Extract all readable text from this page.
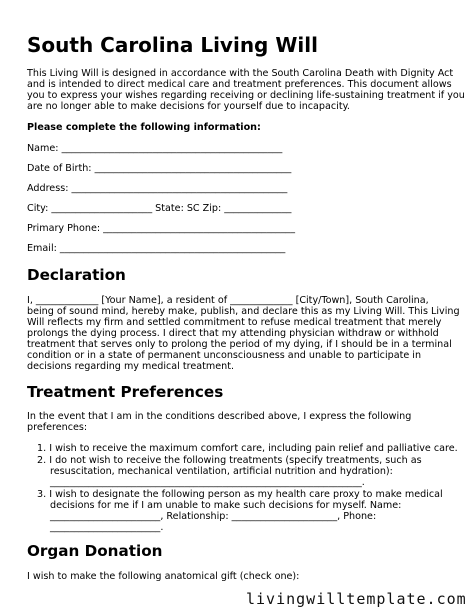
South Carolina Living Will

This Living Will is designed in accordance with the South Carolina Death with Dignity Act

and is intended to direct medical care and treatment preferences. This document allows

you to express your wishes regarding receiving or declining life-sustaining treatment if you

are no longer able to make decisions for yourself due to incapacity.

Please complete the following information:

Name: ______________________________________________

Date of Birth: _________________________________________

Address: _____________________________________________

City: _____________________ State: SC Zip: ______________

Primary Phone: ________________________________________

Email: _______________________________________________

Declaration

I, _____________ [Your Name], a resident of _____________ [City/Town], South Carolina,

being of sound mind, hereby make, publish, and declare this as my Living Will. This Living

Will reflects my firm and settled commitment to refuse medical treatment that merely

prolongs the dying process. I direct that my attending physician withdraw or withhold

treatment that serves only to prolong the period of my dying, if I should be in a terminal

condition or in a state of permanent unconsciousness and unable to participate in

decisions regarding my medical treatment.

Treatment Preferences

In the event that I am in the conditions described above, I express the following

preferences:

1. I wish to receive the maximum comfort care, including pain relief and palliative care.

2. I do not wish to receive the following treatments (specify treatments, such as

resuscitation, mechanical ventilation, artificial nutrition and hydration):

_________________________________________________________________.

3. I wish to designate the following person as my health care proxy to make medical

decisions for me if I am unable to make such decisions for myself. Name:

_______________________, Relationship: ______________________, Phone:

_______________________.

Organ Donation

I wish to make the following anatomical gift (check one):

livingwilltemplate.com
